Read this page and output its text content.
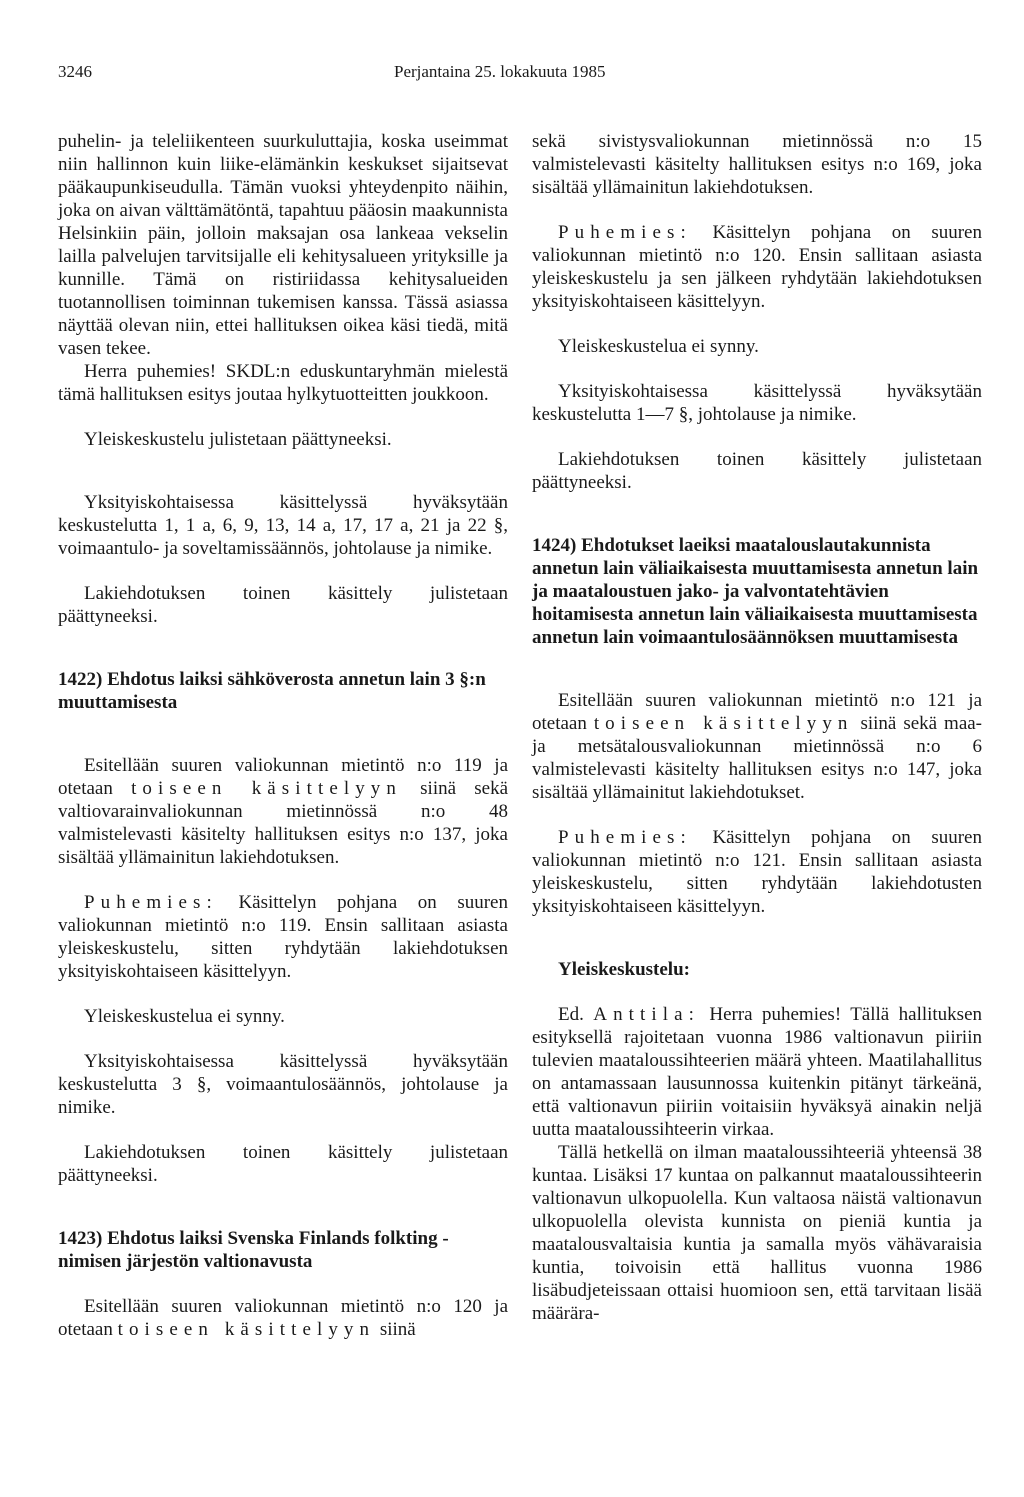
3246	Perjantaina 25. lokakuuta 1985

puhelin- ja teleliikenteen suurkuluttajia, koska useimmat niin hallinnon kuin liike-elämänkin keskukset sijaitsevat pääkaupunkiseudulla. Tämän vuoksi yhteydenpito näihin, joka on aivan välttämätöntä, tapahtuu pääosin maakunnista Helsinkiin päin, jolloin maksajan osa lankeaa vekselin lailla palvelujen tarvitsijalle eli kehitysalueen yrityksille ja kunnille. Tämä on ristiriidassa kehitysalueiden tuotannollisen toiminnan tukemisen kanssa. Tässä asiassa näyttää olevan niin, ettei hallituksen oikea käsi tiedä, mitä vasen tekee.

Herra puhemies! SKDL:n eduskuntaryhmän mielestä tämä hallituksen esitys joutaa hylkytuotteitten joukkoon.

Yleiskeskustelu julistetaan päättyneeksi.

Yksityiskohtaisessa käsittelyssä hyväksytään keskustelutta 1, 1 a, 6, 9, 13, 14 a, 17, 17 a, 21 ja 22 §, voimaantulo- ja soveltamissäännös, johtolause ja nimike.

Lakiehdotuksen toinen käsittely julistetaan päättyneeksi.

1422) Ehdotus laiksi sähköverosta annetun lain 3 §:n muuttamisesta

Esitellään suuren valiokunnan mietintö n:o 119 ja otetaan toiseen käsittelyyn siinä sekä valtiovarainvaliokunnan mietinnössä n:o 48 valmistelevasti käsitelty hallituksen esitys n:o 137, joka sisältää yllämainitun lakiehdotuksen.

Puhemies: Käsittelyn pohjana on suuren valiokunnan mietintö n:o 119. Ensin sallitaan asiasta yleiskeskustelu, sitten ryhdytään lakiehdotuksen yksityiskohtaiseen käsittelyyn.

Yleiskeskustelua ei synny.

Yksityiskohtaisessa käsittelyssä hyväksytään keskustelutta 3 §, voimaantulosäännös, johtolause ja nimike.

Lakiehdotuksen toinen käsittely julistetaan päättyneeksi.

1423) Ehdotus laiksi Svenska Finlands folkting -nimisen järjestön valtionavusta

Esitellään suuren valiokunnan mietintö n:o 120 ja otetaan toiseen käsittelyyn siinä

sekä sivistysvaliokunnan mietinnössä n:o 15 valmistelevasti käsitelty hallituksen esitys n:o 169, joka sisältää yllämainitun lakiehdotuksen.

Puhemies: Käsittelyn pohjana on suuren valiokunnan mietintö n:o 120. Ensin sallitaan asiasta yleiskeskustelu ja sen jälkeen ryhdytään lakiehdotuksen yksityiskohtaiseen käsittelyyn.

Yleiskeskustelua ei synny.

Yksityiskohtaisessa käsittelyssä hyväksytään keskustelutta 1—7 §, johtolause ja nimike.

Lakiehdotuksen toinen käsittely julistetaan päättyneeksi.

1424) Ehdotukset laeiksi maatalouslautakunnista annetun lain väliaikaisesta muuttamisesta annetun lain ja maataloustuen jako- ja valvontatehtävien hoitamisesta annetun lain väliaikaisesta muuttamisesta annetun lain voimaantulosäännöksen muuttamisesta

Esitellään suuren valiokunnan mietintö n:o 121 ja otetaan toiseen käsittelyyn siinä sekä maa- ja metsätalousvaliokunnan mietinnössä n:o 6 valmistelevasti käsitelty hallituksen esitys n:o 147, joka sisältää yllämainitut lakiehdotukset.

Puhemies: Käsittelyn pohjana on suuren valiokunnan mietintö n:o 121. Ensin sallitaan asiasta yleiskeskustelu, sitten ryhdytään lakiehdotusten yksityiskohtaiseen käsittelyyn.

Yleiskeskustelu:

Ed. Anttila: Herra puhemies! Tällä hallituksen esityksellä rajoitetaan vuonna 1986 valtionavun piiriin tulevien maataloussihteerien määrä yhteen. Maatilahallitus on antamassaan lausunnossa kuitenkin pitänyt tärkeänä, että valtionavun piiriin voitaisiin hyväksyä ainakin neljä uutta maataloussihteerin virkaa.

Tällä hetkellä on ilman maataloussihteeriä yhteensä 38 kuntaa. Lisäksi 17 kuntaa on palkannut maataloussihteerin valtionavun ulkopuolella. Kun valtaosa näistä valtionavun ulkopuolella olevista kunnista on pieniä kuntia ja maatalousvaltaisia kuntia ja samalla myös vähävaraisia kuntia, toivoisin että hallitus vuonna 1986 lisäbudjeteissaan ottaisi huomioon sen, että tarvitaan lisää määrära-
